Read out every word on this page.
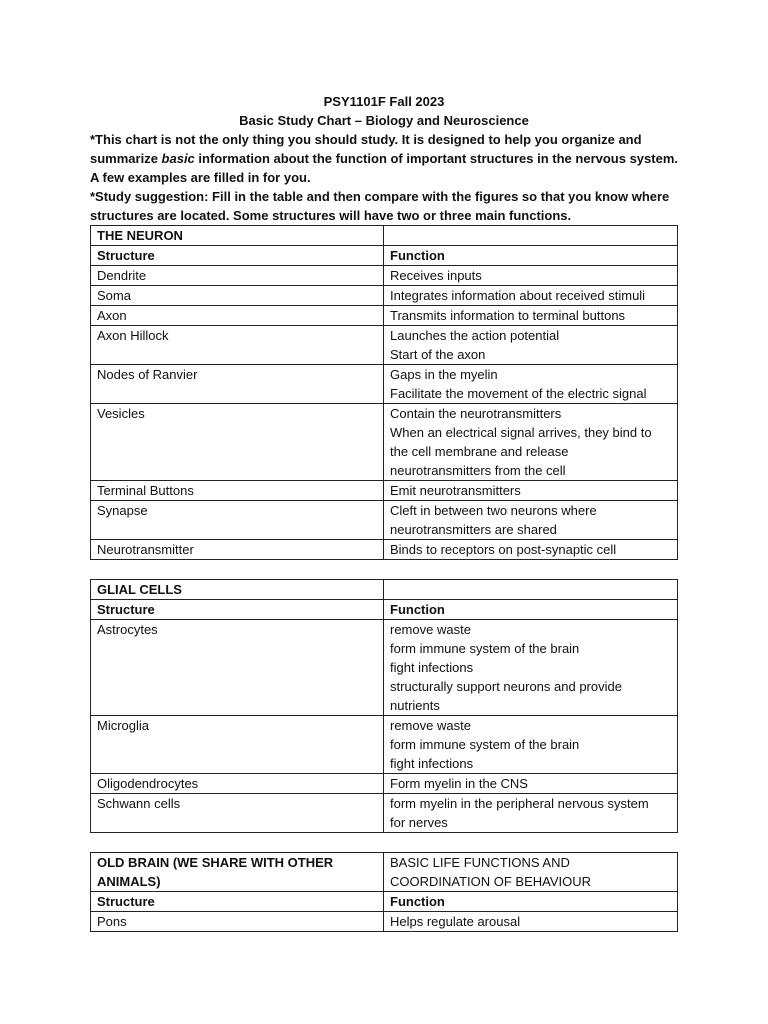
PSY1101F Fall 2023

Basic Study Chart – Biology and Neuroscience

*This chart is not the only thing you should study. It is designed to help you organize and summarize basic information about the function of important structures in the nervous system. A few examples are filled in for you.

*Study suggestion: Fill in the table and then compare with the figures so that you know where structures are located. Some structures will have two or three main functions.

THE NEURON	
Structure	Function
Dendrite	Receives inputs

Soma	Integrates information about received stimuli

Axon	Transmits information to terminal buttons

Axon Hillock	Launches the action potential
Start of the axon

Nodes of Ranvier	Gaps in the myelin
Facilitate the movement of the electric signal

Vesicles	Contain the neurotransmitters
When an electrical signal arrives, they bind to
the cell membrane and release
neurotransmitters from the cell

Terminal Buttons	Emit neurotransmitters

Synapse	Cleft in between two neurons where
neurotransmitters are shared

Neurotransmitter	Binds to receptors on post-synaptic cell
GLIAL CELLS	
Structure	Function
Astrocytes	remove waste
form immune system of the brain
fight infections
structurally support neurons and provide
nutrients

Microglia	remove waste
form immune system of the brain
fight infections

Oligodendrocytes	Form myelin in the CNS

Schwann cells	form myelin in the peripheral nervous system
for nerves
OLD BRAIN (WE SHARE WITH OTHER ANIMALS)	BASIC LIFE FUNCTIONS AND COORDINATION OF BEHAVIOUR
Structure	Function
Pons	Helps regulate arousal
